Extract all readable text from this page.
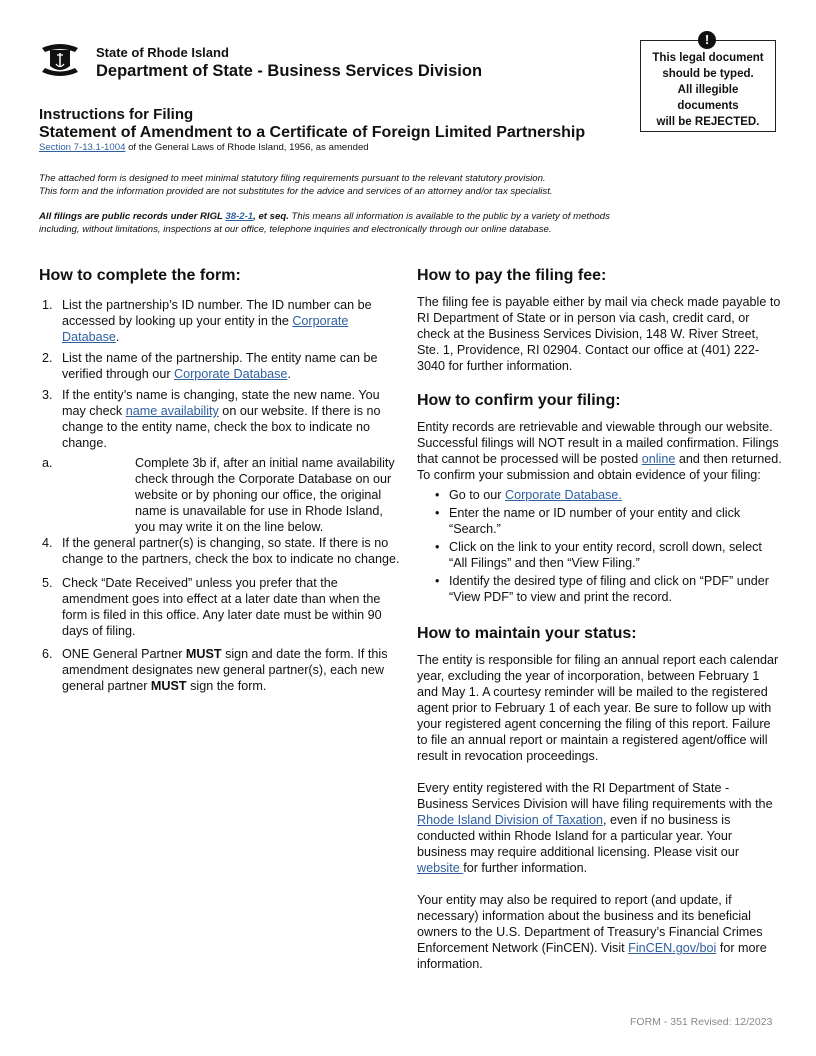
State of Rhode Island
Department of State - Business Services Division
This legal document
should be typed.
All illegible
documents
will be REJECTED.
!
Instructions for Filing
Statement of Amendment to a Certificate of Foreign Limited Partnership
Section 7-13.1-1004 of the General Laws of Rhode Island, 1956, as amended
The attached form is designed to meet minimal statutory filing requirements pursuant to the relevant statutory provision.
This form and the information provided are not substitutes for the advice and services of an attorney and/or tax specialist.
All filings are public records under RIGL 38-2-1, et seq. This means all information is available to the public by a variety of methods
including, without limitations, inspections at our office, telephone inquiries and electronically through our online database.
How to complete the form:
1. List the partnership’s ID number. The ID number can be accessed by looking up your entity in the Corporate Database.
2. List the name of the partnership. The entity name can be verified through our Corporate Database.
3. If the entity’s name is changing, state the new name. You may check name availability on our website. If there is no change to the entity name, check the box to indicate no change.
a.	Complete 3b if, after an initial name availability check through the Corporate Database on our website or by phoning our office, the original name is unavailable for use in Rhode Island, you may write it on the line below.
4. If the general partner(s) is changing, so state. If there is no change to the partners, check the box to indicate no change.
5. Check “Date Received” unless you prefer that the amendment goes into effect at a later date than when the form is filed in this office. Any later date must be within 90 days of filing.
6. ONE General Partner MUST sign and date the form. If this amendment designates new general partner(s), each new general partner MUST sign the form.
How to pay the filing fee:

The filing fee is payable either by mail via check made payable to RI Department of State or in person via cash, credit card, or check at the Business Services Division, 148 W. River Street, Ste. 1, Providence, RI 02904. Contact our office at (401) 222-3040 for further information.

How to confirm your filing:

Entity records are retrievable and viewable through our website. Successful filings will NOT result in a mailed confirmation. Filings that cannot be processed will be posted online and then returned. To confirm your submission and obtain evidence of your filing:

• Go to our Corporate Database.
• Enter the name or ID number of your entity and click “Search.”
• Click on the link to your entity record, scroll down, select “All Filings” and then “View Filing.”
• Identify the desired type of filing and click on “PDF” under “View PDF” to view and print the record.
How to maintain your status:

The entity is responsible for filing an annual report each calendar year, excluding the year of incorporation, between February 1 and May 1. A courtesy reminder will be mailed to the registered agent prior to February 1 of each year. Be sure to follow up with your registered agent concerning the filing of this report. Failure to file an annual report or maintain a registered agent/office will result in revocation proceedings.

Every entity registered with the RI Department of State - Business Services Division will have filing requirements with the Rhode Island Division of Taxation, even if no business is conducted within Rhode Island for a particular year. Your business may require additional licensing. Please visit our website for further information.

Your entity may also be required to report (and update, if necessary) information about the business and its beneficial owners to the U.S. Department of Treasury’s Financial Crimes Enforcement Network (FinCEN). Visit FinCEN.gov/boi for more information.

FORM - 351 Revised: 12/2023
